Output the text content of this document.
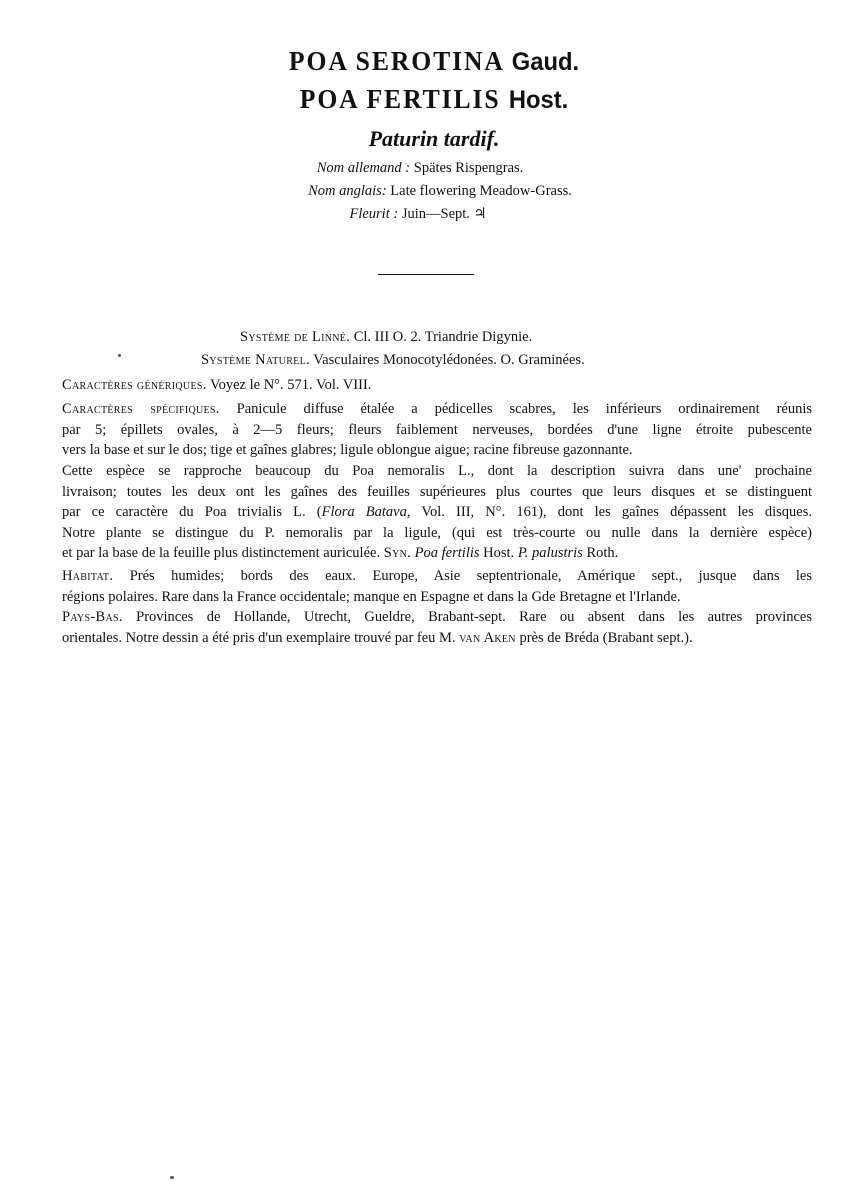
POA SEROTINA Gaud.
POA FERTILIS Host.
Paturin tardif.
Nom allemand : Spätes Rispengras.
Nom anglais: Late flowering Meadow-Grass.
Fleurit : Juin—Sept. ♃
Système de Linné. Cl. III O. 2. Triandrie Digynie.
Système Naturel. Vasculaires Monocotylédonées. O. Graminées.
Caractères génériques. Voyez le N°. 571. Vol. VIII.
Caractères spécifiques. Panicule diffuse étalée a pédicelles scabres, les inférieurs ordinairement réunis
par 5; épillets ovales, à 2—5 fleurs; fleurs faiblement nerveuses, bordées d'une ligne étroite pubescente
vers la base et sur le dos; tige et gaînes glabres; ligule oblongue aigue; racine fibreuse gazonnante.
Cette espèce se rapproche beaucoup du Poa nemoralis L., dont la description suivra dans une' prochaine
livraison; toutes les deux ont les gaînes des feuilles supérieures plus courtes que leurs disques et se distinguent
par ce caractère du Poa trivialis L. (Flora Batava, Vol. III, N°. 161), dont les gaînes dépassent les disques.
Notre plante se distingue du P. nemoralis par la ligule, (qui est très-courte ou nulle dans la dernière espèce)
et par la base de la feuille plus distinctement auriculée. Syn. Poa fertilis Host. P. palustris Roth.
Habitat. Prés humides; bords des eaux. Europe, Asie septentrionale, Amérique sept., jusque dans les
régions polaires. Rare dans la France occidentale; manque en Espagne et dans la Gde Bretagne et l'Irlande.
Pays-Bas. Provinces de Hollande, Utrecht, Gueldre, Brabant-sept. Rare ou absent dans les autres provinces
orientales. Notre dessin a été pris d'un exemplaire trouvé par feu M. van Aken près de Bréda (Brabant sept.).
